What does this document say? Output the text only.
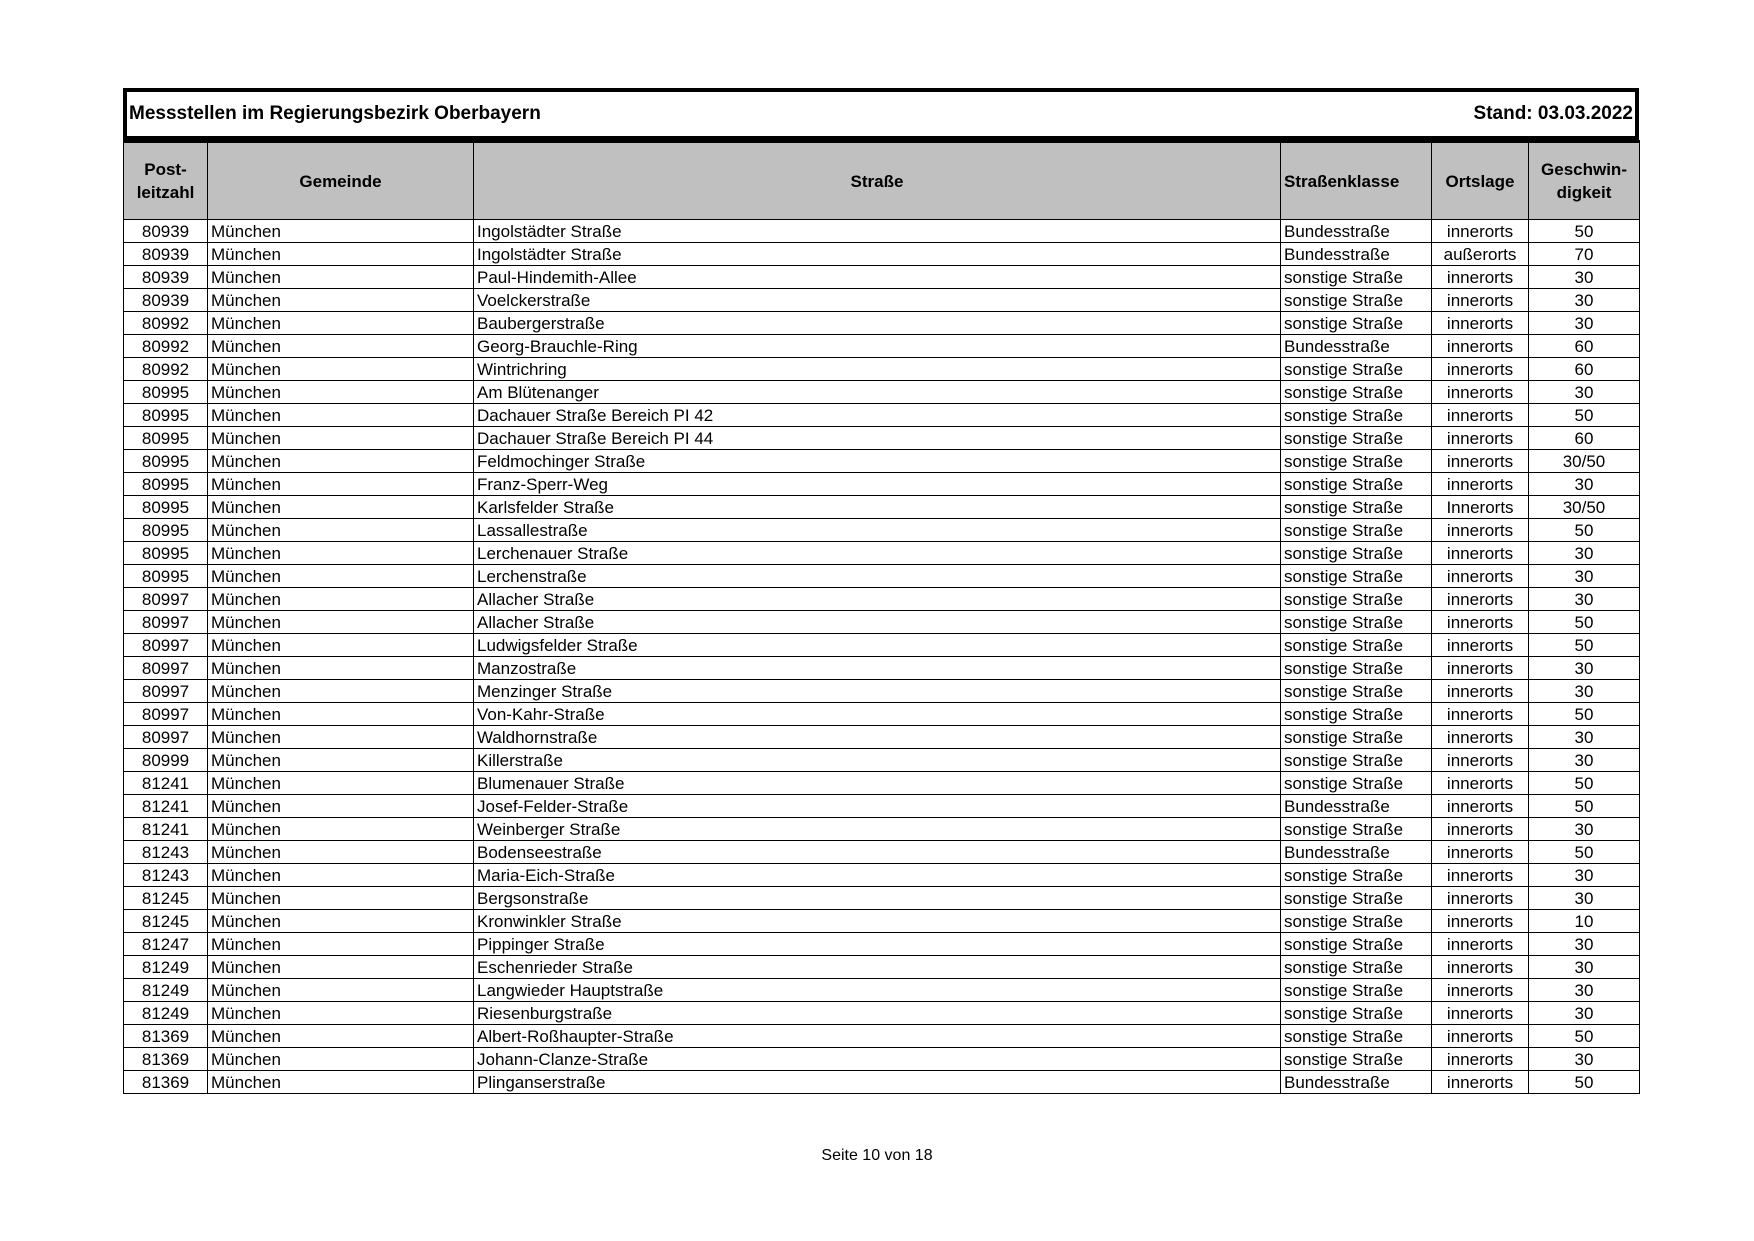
Messstellen im Regierungsbezirk Oberbayern	Stand: 03.03.2022
Post-
leitzahl	Gemeinde	Straße	Straßenklasse	Ortslage	Geschwin-
digkeit
80939	München	Ingolstädter Straße	Bundesstraße	innerorts	50
80939	München	Ingolstädter Straße	Bundesstraße	außerorts	70
80939	München	Paul-Hindemith-Allee	sonstige Straße	innerorts	30
80939	München	Voelckerstraße	sonstige Straße	innerorts	30
80992	München	Baubergerstraße	sonstige Straße	innerorts	30
80992	München	Georg-Brauchle-Ring	Bundesstraße	innerorts	60
80992	München	Wintrichring	sonstige Straße	innerorts	60
80995	München	Am Blütenanger	sonstige Straße	innerorts	30
80995	München	Dachauer Straße Bereich PI 42	sonstige Straße	innerorts	50
80995	München	Dachauer Straße Bereich PI 44	sonstige Straße	innerorts	60
80995	München	Feldmochinger Straße	sonstige Straße	innerorts	30/50
80995	München	Franz-Sperr-Weg	sonstige Straße	innerorts	30
80995	München	Karlsfelder Straße	sonstige Straße	Innerorts	30/50
80995	München	Lassallestraße	sonstige Straße	innerorts	50
80995	München	Lerchenauer Straße	sonstige Straße	innerorts	30
80995	München	Lerchenstraße	sonstige Straße	innerorts	30
80997	München	Allacher Straße	sonstige Straße	innerorts	30
80997	München	Allacher Straße	sonstige Straße	innerorts	50
80997	München	Ludwigsfelder Straße	sonstige Straße	innerorts	50
80997	München	Manzostraße	sonstige Straße	innerorts	30
80997	München	Menzinger Straße	sonstige Straße	innerorts	30
80997	München	Von-Kahr-Straße	sonstige Straße	innerorts	50
80997	München	Waldhornstraße	sonstige Straße	innerorts	30
80999	München	Killerstraße	sonstige Straße	innerorts	30
81241	München	Blumenauer Straße	sonstige Straße	innerorts	50
81241	München	Josef-Felder-Straße	Bundesstraße	innerorts	50
81241	München	Weinberger Straße	sonstige Straße	innerorts	30
81243	München	Bodenseestraße	Bundesstraße	innerorts	50
81243	München	Maria-Eich-Straße	sonstige Straße	innerorts	30
81245	München	Bergsonstraße	sonstige Straße	innerorts	30
81245	München	Kronwinkler Straße	sonstige Straße	innerorts	10
81247	München	Pippinger Straße	sonstige Straße	innerorts	30
81249	München	Eschenrieder Straße	sonstige Straße	innerorts	30
81249	München	Langwieder Hauptstraße	sonstige Straße	innerorts	30
81249	München	Riesenburgstraße	sonstige Straße	innerorts	30
81369	München	Albert-Roßhaupter-Straße	sonstige Straße	innerorts	50
81369	München	Johann-Clanze-Straße	sonstige Straße	innerorts	30
81369	München	Plinganserstraße	Bundesstraße	innerorts	50
Seite 10 von 18
